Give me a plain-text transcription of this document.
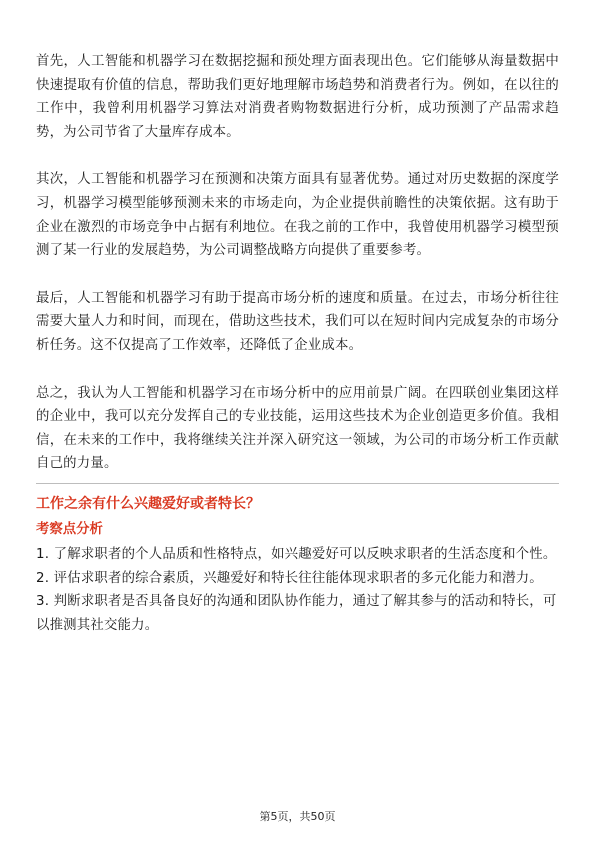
首先，人工智能和机器学习在数据挖掘和预处理方面表现出色。它们能够从海量数据中快速提取有价值的信息，帮助我们更好地理解市场趋势和消费者行为。例如，在以往的工作中，我曾利用机器学习算法对消费者购物数据进行分析，成功预测了产品需求趋势，为公司节省了大量库存成本。

其次，人工智能和机器学习在预测和决策方面具有显著优势。通过对历史数据的深度学习，机器学习模型能够预测未来的市场走向，为企业提供前瞻性的决策依据。这有助于企业在激烈的市场竞争中占据有利地位。在我之前的工作中，我曾使用机器学习模型预测了某一行业的发展趋势，为公司调整战略方向提供了重要参考。

最后，人工智能和机器学习有助于提高市场分析的速度和质量。在过去，市场分析往往需要大量人力和时间，而现在，借助这些技术，我们可以在短时间内完成复杂的市场分析任务。这不仅提高了工作效率，还降低了企业成本。

总之，我认为人工智能和机器学习在市场分析中的应用前景广阔。在四联创业集团这样的企业中，我可以充分发挥自己的专业技能，运用这些技术为企业创造更多价值。我相信，在未来的工作中，我将继续关注并深入研究这一领域，为公司的市场分析工作贡献自己的力量。

工作之余有什么兴趣爱好或者特长？
考察点分析
1. 了解求职者的个人品质和性格特点，如兴趣爱好可以反映求职者的生活态度和个性。
2. 评估求职者的综合素质，兴趣爱好和特长往往能体现求职者的多元化能力和潜力。
3. 判断求职者是否具备良好的沟通和团队协作能力，通过了解其参与的活动和特长，可以推测其社交能力。
第5页，共50页
